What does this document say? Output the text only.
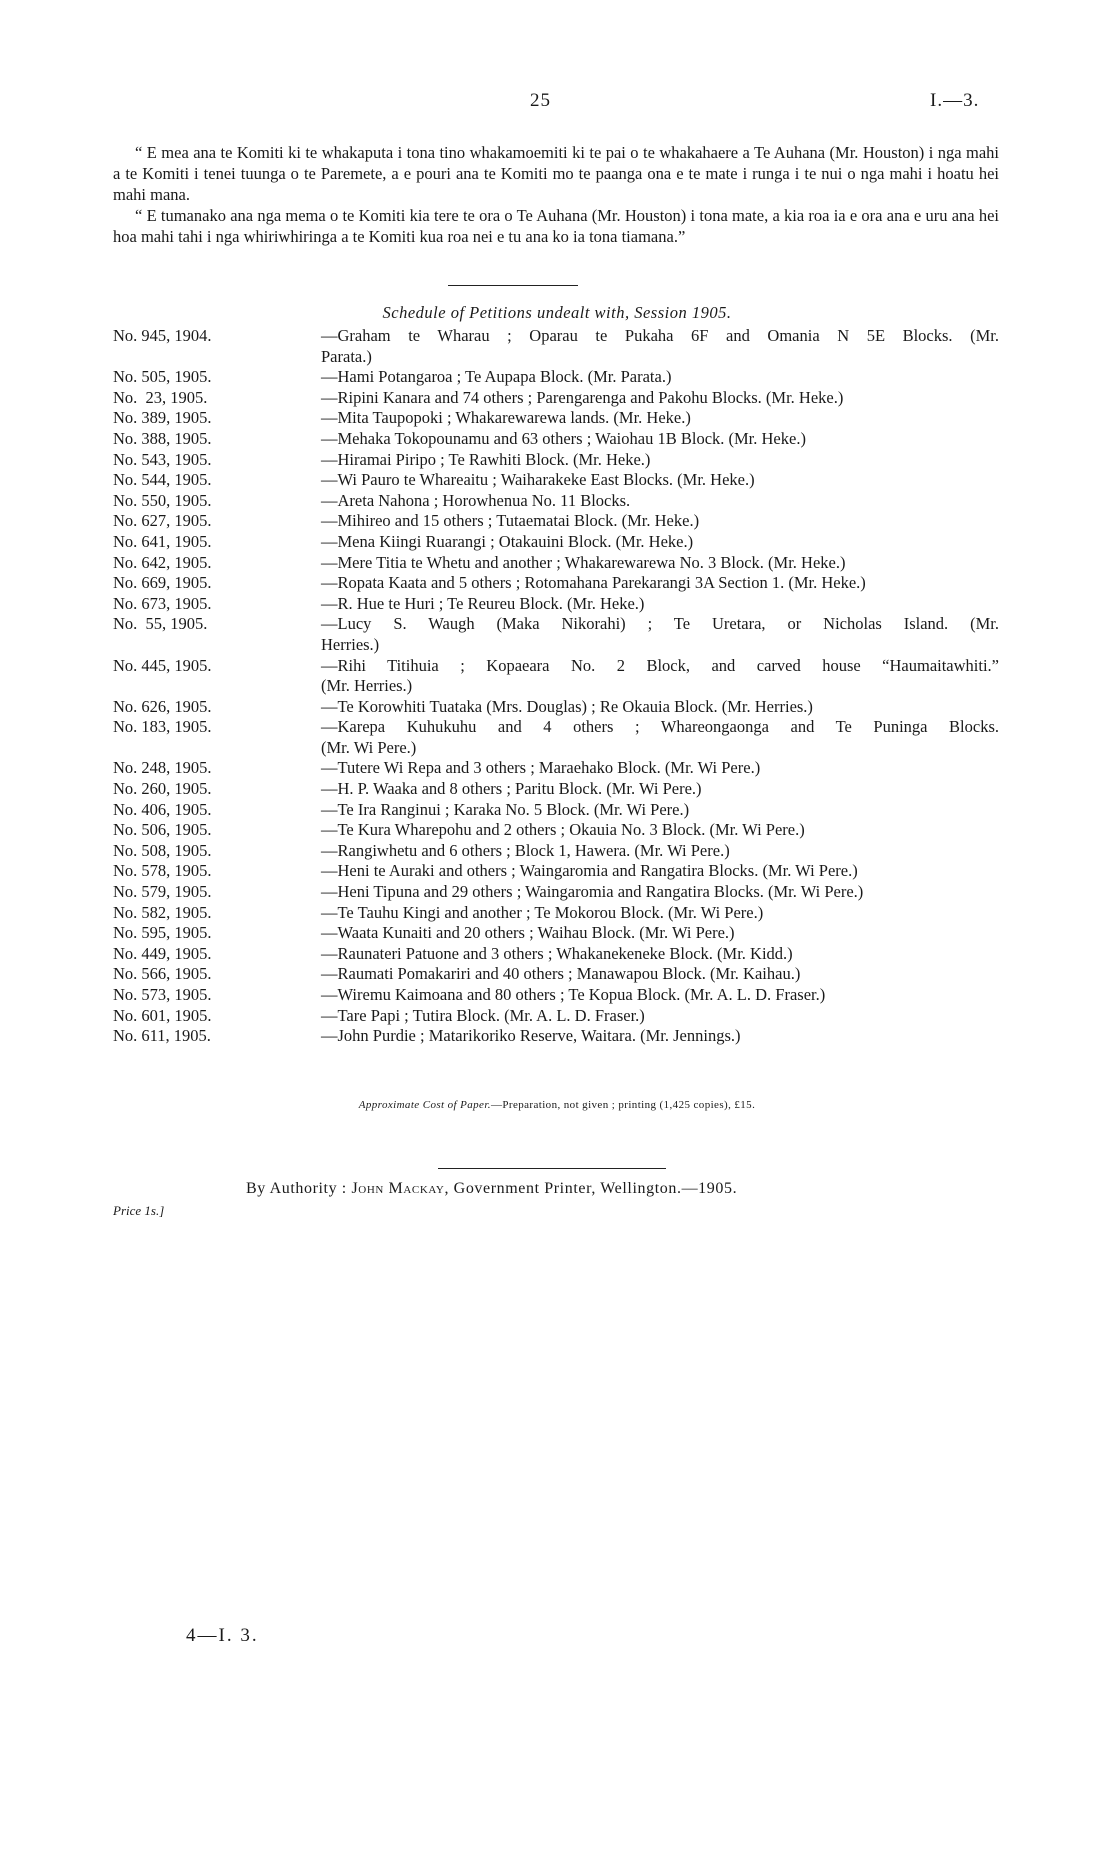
25	I.—3.

“ E mea ana te Komiti ki te whakaputa i tona tino whakamoemiti ki te pai o te whakahaere a Te Auhana (Mr. Houston) i nga mahi a te Komiti i tenei tuunga o te Paremete, a e pouri ana te Komiti mo te paanga ona e te mate i runga i te nui o nga mahi i hoatu hei mahi mana.

“ E tumanako ana nga mema o te Komiti kia tere te ora o Te Auhana (Mr. Houston) i tona mate, a kia roa ia e ora ana e uru ana hei hoa mahi tahi i nga whiriwhiringa a te Komiti kua roa nei e tu ana ko ia tona tiamana.”

Schedule of Petitions undealt with, Session 1905.
No. 945, 1904.	—Graham te Wharau ; Oparau te Pukaha 6F and Omania N 5E Blocks. (Mr.
Parata.)
No. 505, 1905.	—Hami Potangaroa ; Te Aupapa Block. (Mr. Parata.)
No.  23, 1905.	—Ripini Kanara and 74 others ; Parengarenga and Pakohu Blocks. (Mr. Heke.)
No. 389, 1905.	—Mita Taupopoki ; Whakarewarewa lands. (Mr. Heke.)
No. 388, 1905.	—Mehaka Tokopounamu and 63 others ; Waiohau 1B Block. (Mr. Heke.)
No. 543, 1905.	—Hiramai Piripo ; Te Rawhiti Block. (Mr. Heke.)
No. 544, 1905.	—Wi Pauro te Whareaitu ; Waiharakeke East Blocks. (Mr. Heke.)
No. 550, 1905.	—Areta Nahona ; Horowhenua No. 11 Blocks.
No. 627, 1905.	—Mihireo and 15 others ; Tutaematai Block. (Mr. Heke.)
No. 641, 1905.	—Mena Kiingi Ruarangi ; Otakauini Block. (Mr. Heke.)
No. 642, 1905.	—Mere Titia te Whetu and another ; Whakarewarewa No. 3 Block. (Mr. Heke.)
No. 669, 1905.	—Ropata Kaata and 5 others ; Rotomahana Parekarangi 3A Section 1. (Mr. Heke.)
No. 673, 1905.	—R. Hue te Huri ; Te Reureu Block. (Mr. Heke.)
No.  55, 1905.	—Lucy S. Waugh (Maka Nikorahi) ; Te Uretara, or Nicholas Island. (Mr.
Herries.)
No. 445, 1905.	—Rihi Titihuia ; Kopaeara No. 2 Block, and carved house “Haumaitawhiti.”
(Mr. Herries.)
No. 626, 1905.	—Te Korowhiti Tuataka (Mrs. Douglas) ; Re Okauia Block. (Mr. Herries.)
No. 183, 1905.	—Karepa Kuhukuhu and 4 others ; Whareongaonga and Te Puninga Blocks.
(Mr. Wi Pere.)
No. 248, 1905.	—Tutere Wi Repa and 3 others ; Maraehako Block. (Mr. Wi Pere.)
No. 260, 1905.	—H. P. Waaka and 8 others ; Paritu Block. (Mr. Wi Pere.)
No. 406, 1905.	—Te Ira Ranginui ; Karaka No. 5 Block. (Mr. Wi Pere.)
No. 506, 1905.	—Te Kura Wharepohu and 2 others ; Okauia No. 3 Block. (Mr. Wi Pere.)
No. 508, 1905.	—Rangiwhetu and 6 others ; Block 1, Hawera. (Mr. Wi Pere.)
No. 578, 1905.	—Heni te Auraki and others ; Waingaromia and Rangatira Blocks. (Mr. Wi Pere.)
No. 579, 1905.	—Heni Tipuna and 29 others ; Waingaromia and Rangatira Blocks. (Mr. Wi Pere.)
No. 582, 1905.	—Te Tauhu Kingi and another ; Te Mokorou Block. (Mr. Wi Pere.)
No. 595, 1905.	—Waata Kunaiti and 20 others ; Waihau Block. (Mr. Wi Pere.)
No. 449, 1905.	—Raunateri Patuone and 3 others ; Whakanekeneke Block. (Mr. Kidd.)
No. 566, 1905.	—Raumati Pomakariri and 40 others ; Manawapou Block. (Mr. Kaihau.)
No. 573, 1905.	—Wiremu Kaimoana and 80 others ; Te Kopua Block. (Mr. A. L. D. Fraser.)
No. 601, 1905.	—Tare Papi ; Tutira Block. (Mr. A. L. D. Fraser.)
No. 611, 1905.	—John Purdie ; Matarikoriko Reserve, Waitara. (Mr. Jennings.)
Approximate Cost of Paper.—Preparation, not given ; printing (1,425 copies), £15.
By Authority : John Mackay, Government Printer, Wellington.—1905.
Price 1s.]
4—I. 3.
